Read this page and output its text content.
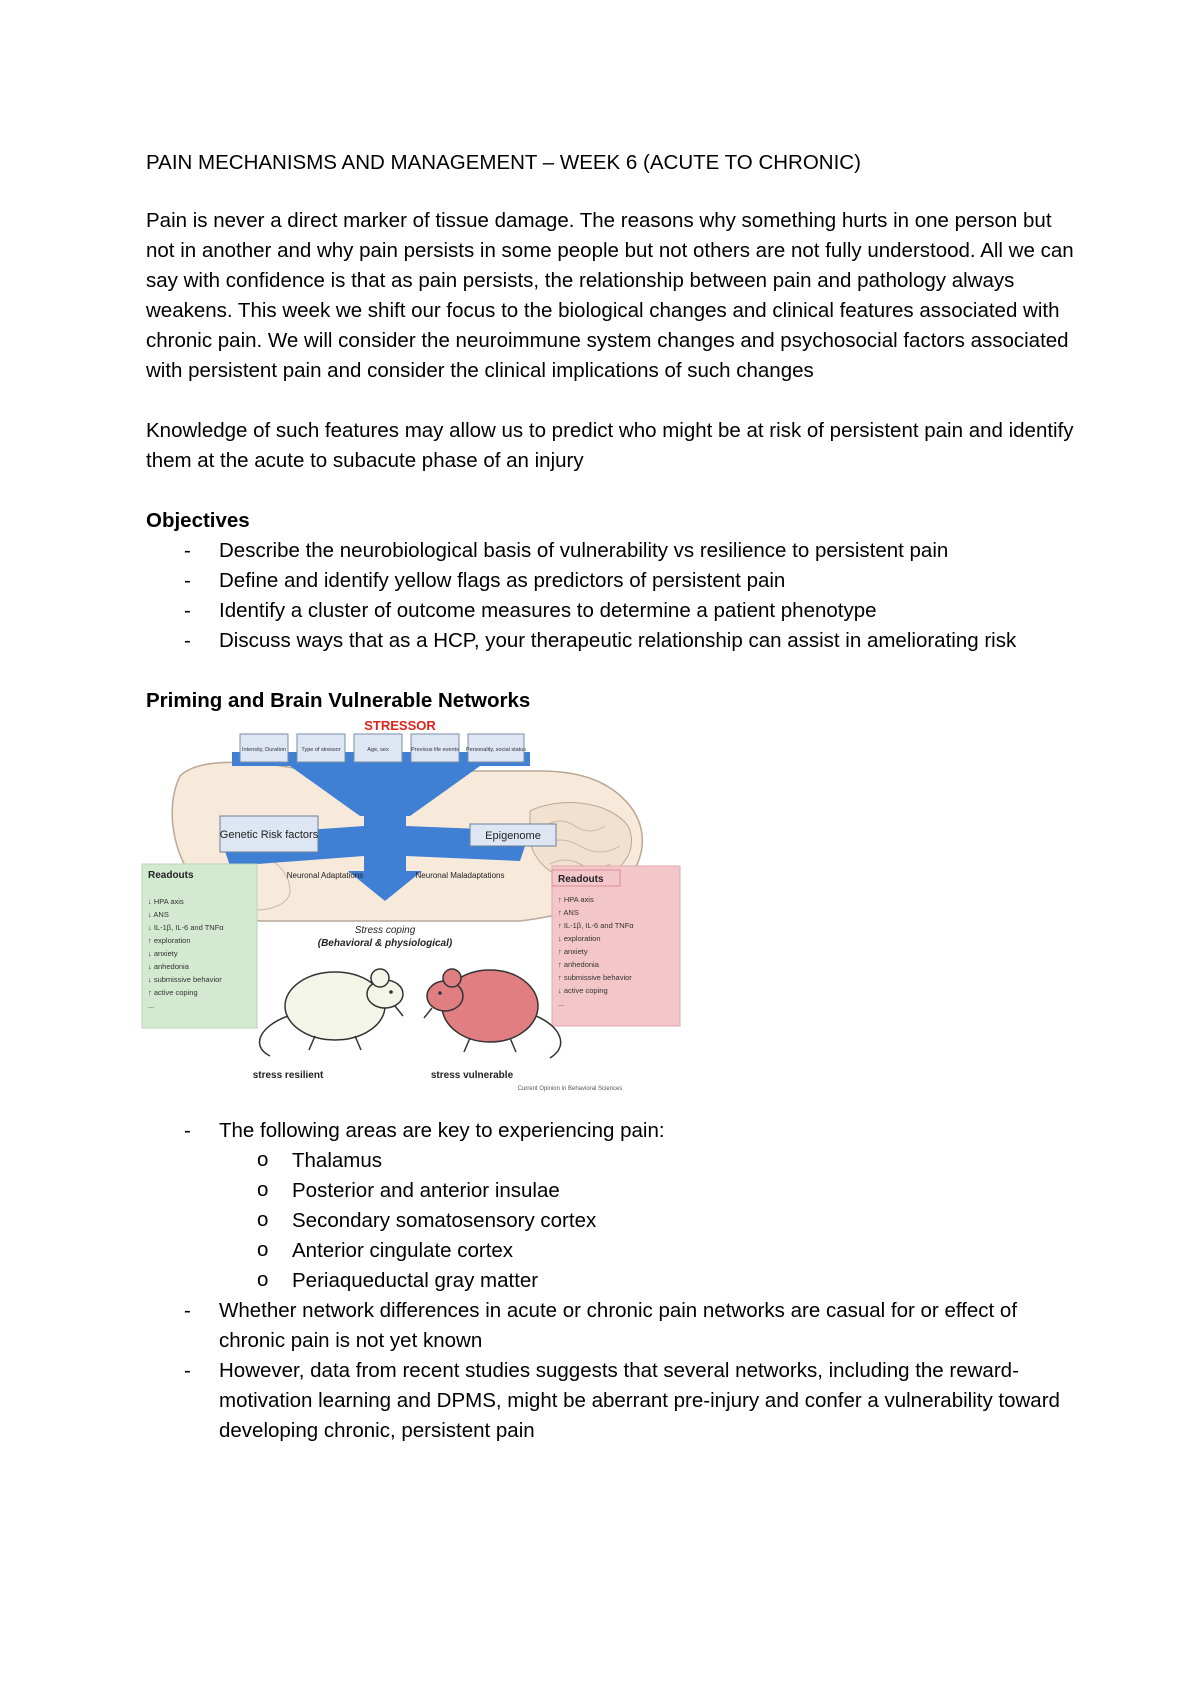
PAIN MECHANISMS AND MANAGEMENT – WEEK 6 (ACUTE TO CHRONIC)

Pain is never a direct marker of tissue damage. The reasons why something hurts in one person but not in another and why pain persists in some people but not others are not fully understood. All we can say with confidence is that as pain persists, the relationship between pain and pathology always weakens. This week we shift our focus to the biological changes and clinical features associated with chronic pain. We will consider the neuroimmune system changes and psychosocial factors associated with persistent pain and consider the clinical implications of such changes

Knowledge of such features may allow us to predict who might be at risk of persistent pain and identify them at the acute to subacute phase of an injury

Objectives
- Describe the neurobiological basis of vulnerability vs resilience to persistent pain
- Define and identify yellow flags as predictors of persistent pain
- Identify a cluster of outcome measures to determine a patient phenotype
- Discuss ways that as a HCP, your therapeutic relationship can assist in ameliorating risk
Priming and Brain Vulnerable Networks
STRESSOR
Intensity, Duration	Type of stressor	Age, sex	Previous life events Personality, social status
Genetic Risk factors	Epigenome
Neuronal Adaptations	Neuronal Maladaptations
Stress coping
(Behavioral & physiological)
Readouts
↓ HPA axis
↓ ANS
↓ IL-1β, IL-6 and TNFα
↑ exploration
↓ anxiety
↓ anhedonia
↓ submissive behavior
↑ active coping
...
Readouts
↑ HPA axis
↑ ANS
↑ IL-1β, IL-6 and TNFα
↓ exploration
↑ anxiety
↑ anhedonia
↑ submissive behavior
↓ active coping
...
stress resilient	stress vulnerable
Current Opinion in Behavioral Sciences
- The following areas are key to experiencing pain:
o Thalamus
o Posterior and anterior insulae
o Secondary somatosensory cortex
o Anterior cingulate cortex
o Periaqueductal gray matter
- Whether network differences in acute or chronic pain networks are casual for or effect of chronic pain is not yet known
- However, data from recent studies suggests that several networks, including the reward-motivation learning and DPMS, might be aberrant pre-injury and confer a vulnerability toward developing chronic, persistent pain
